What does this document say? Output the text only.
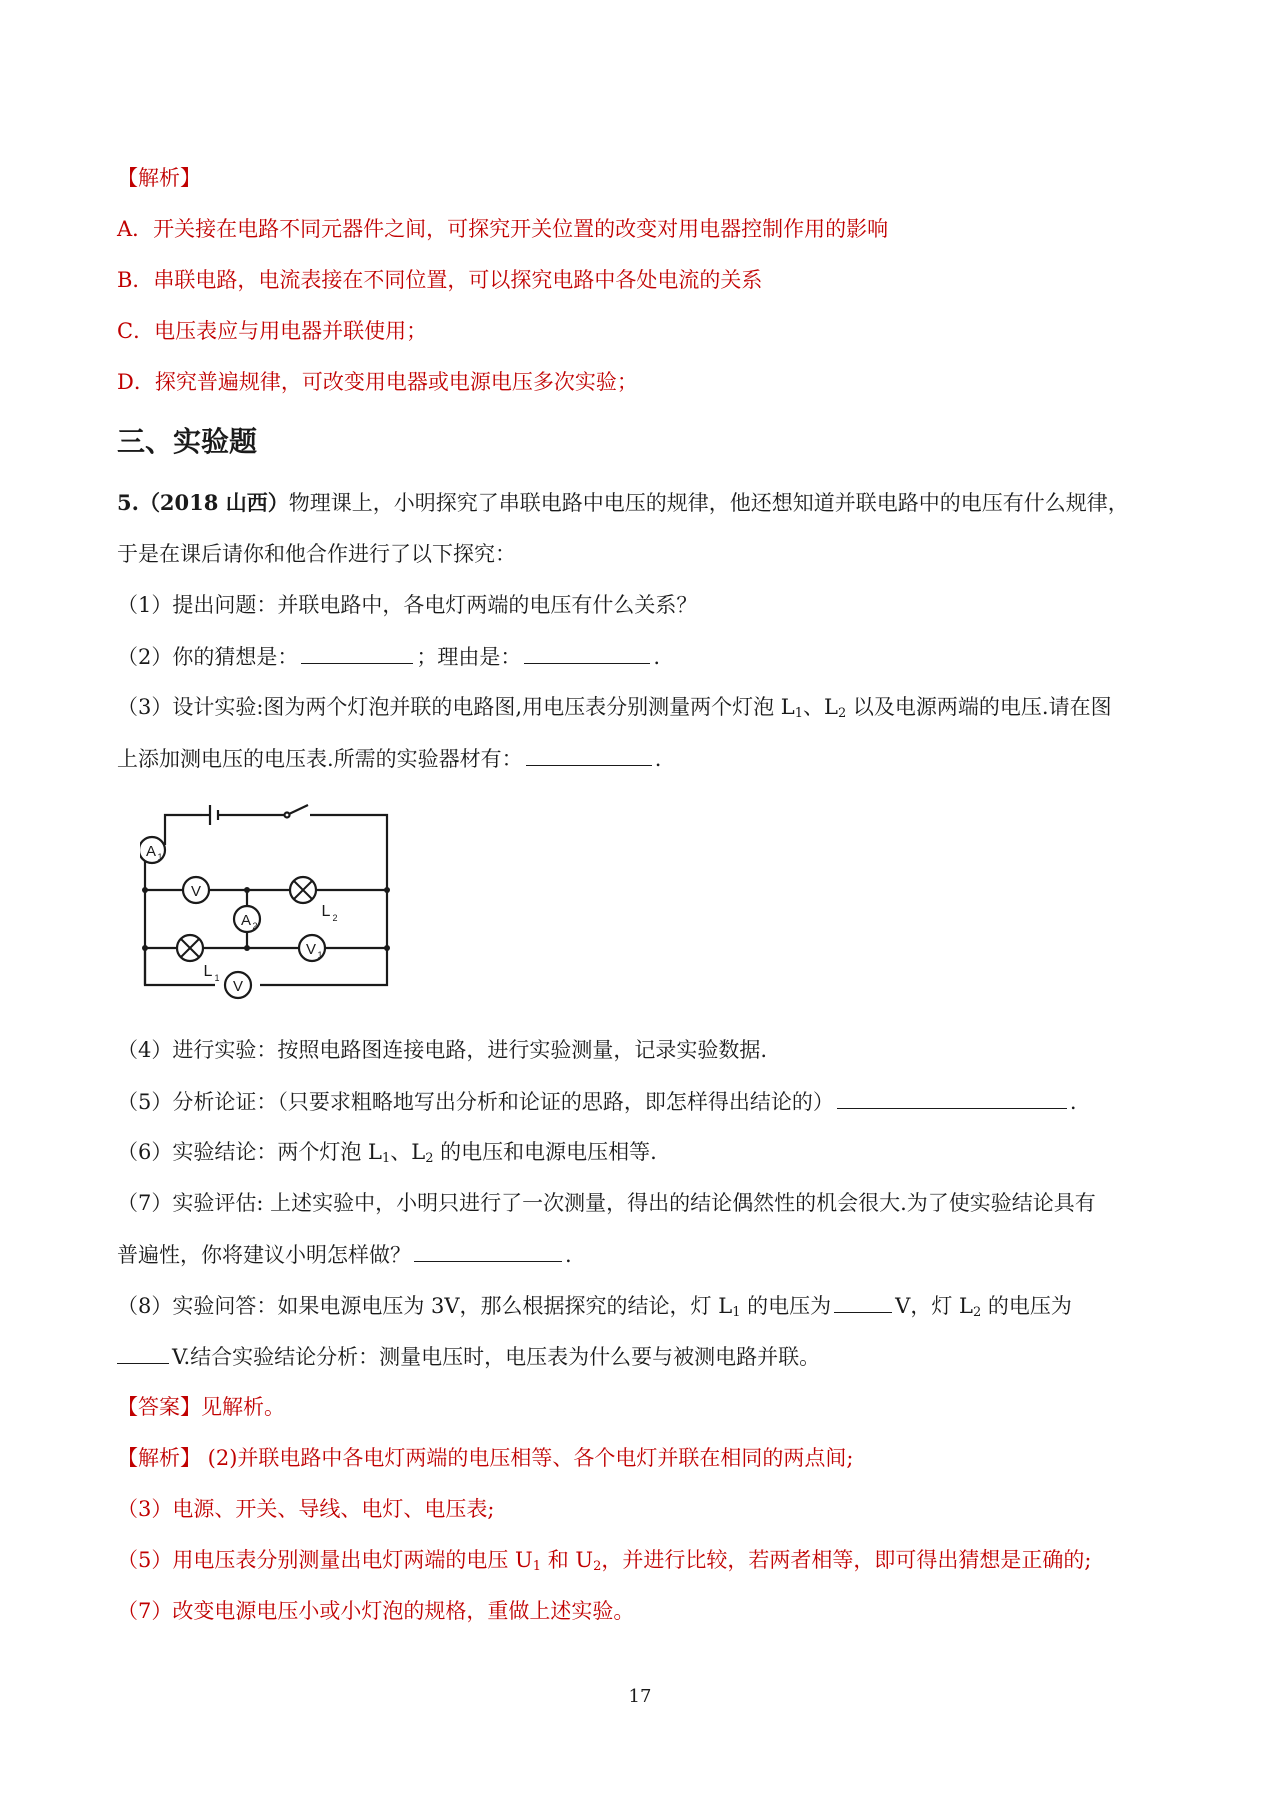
【解析】
A．开关接在电路不同元器件之间，可探究开关位置的改变对用电器控制作用的影响
B．串联电路，电流表接在不同位置，可以探究电路中各处电流的关系
C．电压表应与用电器并联使用；
D．探究普遍规律，可改变用电器或电源电压多次实验；
三、实验题
5.（2018 山西）物理课上，小明探究了串联电路中电压的规律，他还想知道并联电路中的电压有什么规律，
于是在课后请你和他合作进行了以下探究：
（1）提出问题：并联电路中，各电灯两端的电压有什么关系？
（2）你的猜想是：	；理由是：	.
（3）设计实验:图为两个灯泡并联的电路图,用电压表分别测量两个灯泡 $L_1$、$L_2$ 以及电源两端的电压.请在图
上添加测电压的电压表.所需的实验器材有：	.
A 1
V
A 2
V 1
V
L 2
L 1
（4）进行实验：按照电路图连接电路，进行实验测量，记录实验数据.
（5）分析论证：（只要求粗略地写出分析和论证的思路，即怎样得出结论的）	.
（6）实验结论：两个灯泡 $L_1$、$L_2$ 的电压和电源电压相等.
（7）实验评估: 上述实验中，小明只进行了一次测量，得出的结论偶然性的机会很大.为了使实验结论具有
普遍性，你将建议小明怎样做？	.
（8）实验问答：如果电源电压为 3V，那么根据探究的结论，灯 $L_1$ 的电压为	V，灯 $L_2$ 的电压为
V.结合实验结论分析：测量电压时，电压表为什么要与被测电路并联。
【答案】见解析。
【解析】 (2)并联电路中各电灯两端的电压相等、各个电灯并联在相同的两点间;
（3）电源、开关、导线、电灯、电压表;
（5）用电压表分别测量出电灯两端的电压 $U_1$ 和 $U_2$，并进行比较，若两者相等，即可得出猜想是正确的;
（7）改变电源电压小或小灯泡的规格，重做上述实验。
17
